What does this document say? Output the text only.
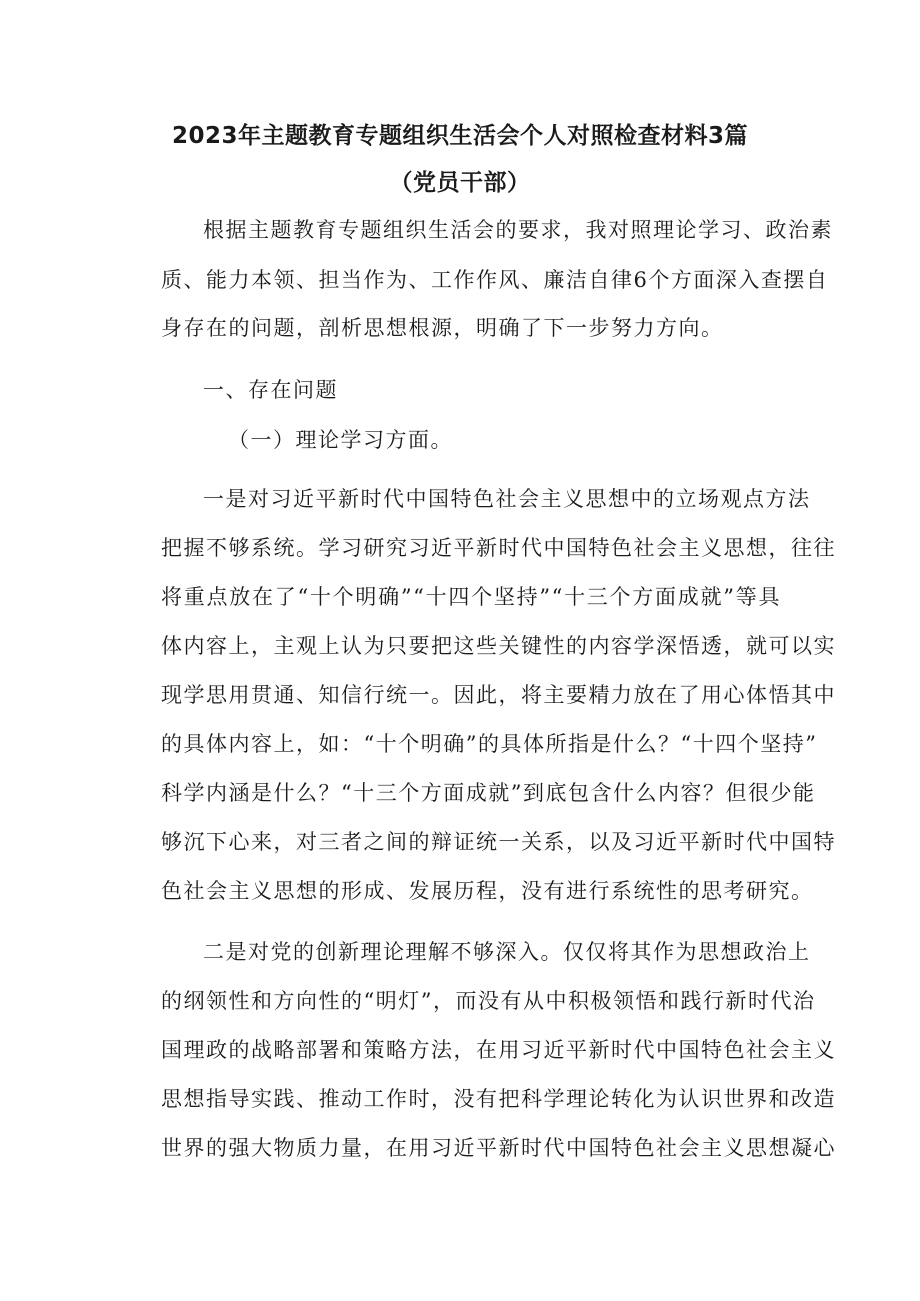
2023年主题教育专题组织生活会个人对照检查材料3篇
（党员干部）
根据主题教育专题组织生活会的要求，我对照理论学习、政治素
质、能力本领、担当作为、工作作风、廉洁自律6个方面深入查摆自
身存在的问题，剖析思想根源，明确了下一步努力方向。
一、存在问题
（一）理论学习方面。
一是对习近平新时代中国特色社会主义思想中的立场观点方法
把握不够系统。学习研究习近平新时代中国特色社会主义思想，往往
将重点放在了“十个明确”“十四个坚持”“十三个方面成就”等具
体内容上，主观上认为只要把这些关键性的内容学深悟透，就可以实
现学思用贯通、知信行统一。因此，将主要精力放在了用心体悟其中
的具体内容上，如：“十个明确”的具体所指是什么？“十四个坚持”
科学内涵是什么？“十三个方面成就”到底包含什么内容？但很少能
够沉下心来，对三者之间的辩证统一关系，以及习近平新时代中国特
色社会主义思想的形成、发展历程，没有进行系统性的思考研究。
二是对党的创新理论理解不够深入。仅仅将其作为思想政治上
的纲领性和方向性的“明灯”，而没有从中积极领悟和践行新时代治
国理政的战略部署和策略方法，在用习近平新时代中国特色社会主义
思想指导实践、推动工作时，没有把科学理论转化为认识世界和改造
世界的强大物质力量，在用习近平新时代中国特色社会主义思想凝心
